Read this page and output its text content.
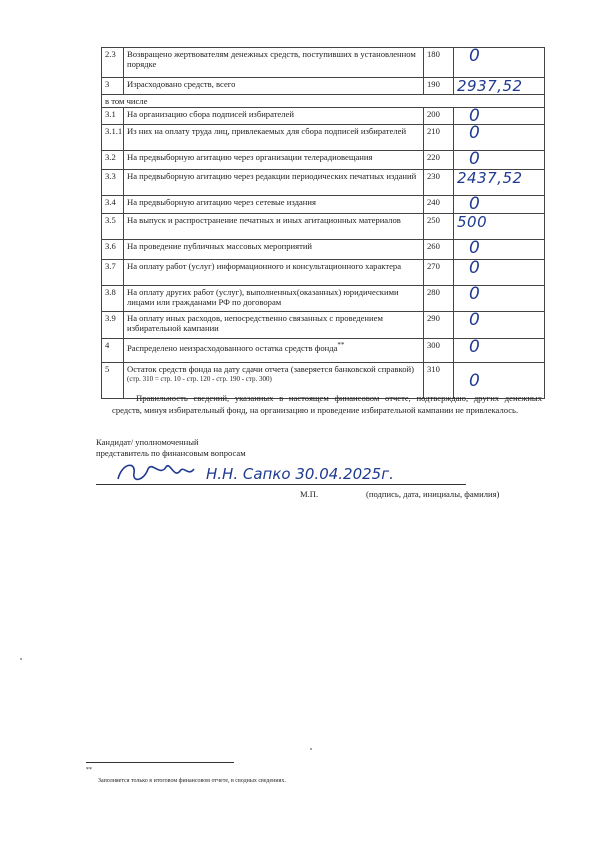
2.3	Возвращено жертвователям денежных средств, поступивших в установленном порядке	180	0

3	Израсходовано средств, всего	190	2937,52

в том числе			
3.1	На организацию сбора подписей избирателей	200	0

3.1.1	Из них на оплату труда лиц, привлекаемых для сбора подписей избирателей	210	0

3.2	На предвыборную агитацию через организации телерадиовещания	220	0

3.3	На предвыборную агитацию через редакции периодических печатных изданий	230	2437,52

3.4	На предвыборную агитацию через сетевые издания	240	0

3.5	На выпуск и распространение печатных и иных агитационных материалов	250	500

3.6	На проведение публичных массовых мероприятий	260	0

3.7	На оплату работ (услуг) информационного и консультационного характера	270	0

3.8	На оплату других работ (услуг), выполненных(оказанных) юридическими лицами или гражданами РФ по договорам	280	0

3.9	На оплату иных расходов, непосредственно связанных с проведением избирательной кампании	290	0

4	Распределено неизрасходованного остатка средств фонда**	300	0

5	Остаток средств фонда на дату сдачи отчета (заверяется банковской справкой)
(стр. 310 = стр. 10 - стр. 120 - стр. 190 - стр. 300)	310	0
Правильность сведений, указанных в настоящем финансовом отчете, подтверждаю, других денежных средств, минуя избирательный фонд, на организацию и проведение избирательной кампании не привлекалось.
Кандидат/ уполномоченный
представитель по финансовым вопросам
Н.Н. Сапко 30.04.2025г.
М.П.	(подпись, дата, инициалы, фамилия)
**
Заполняется только в итоговом финансовом отчете, в сводных сведениях.
